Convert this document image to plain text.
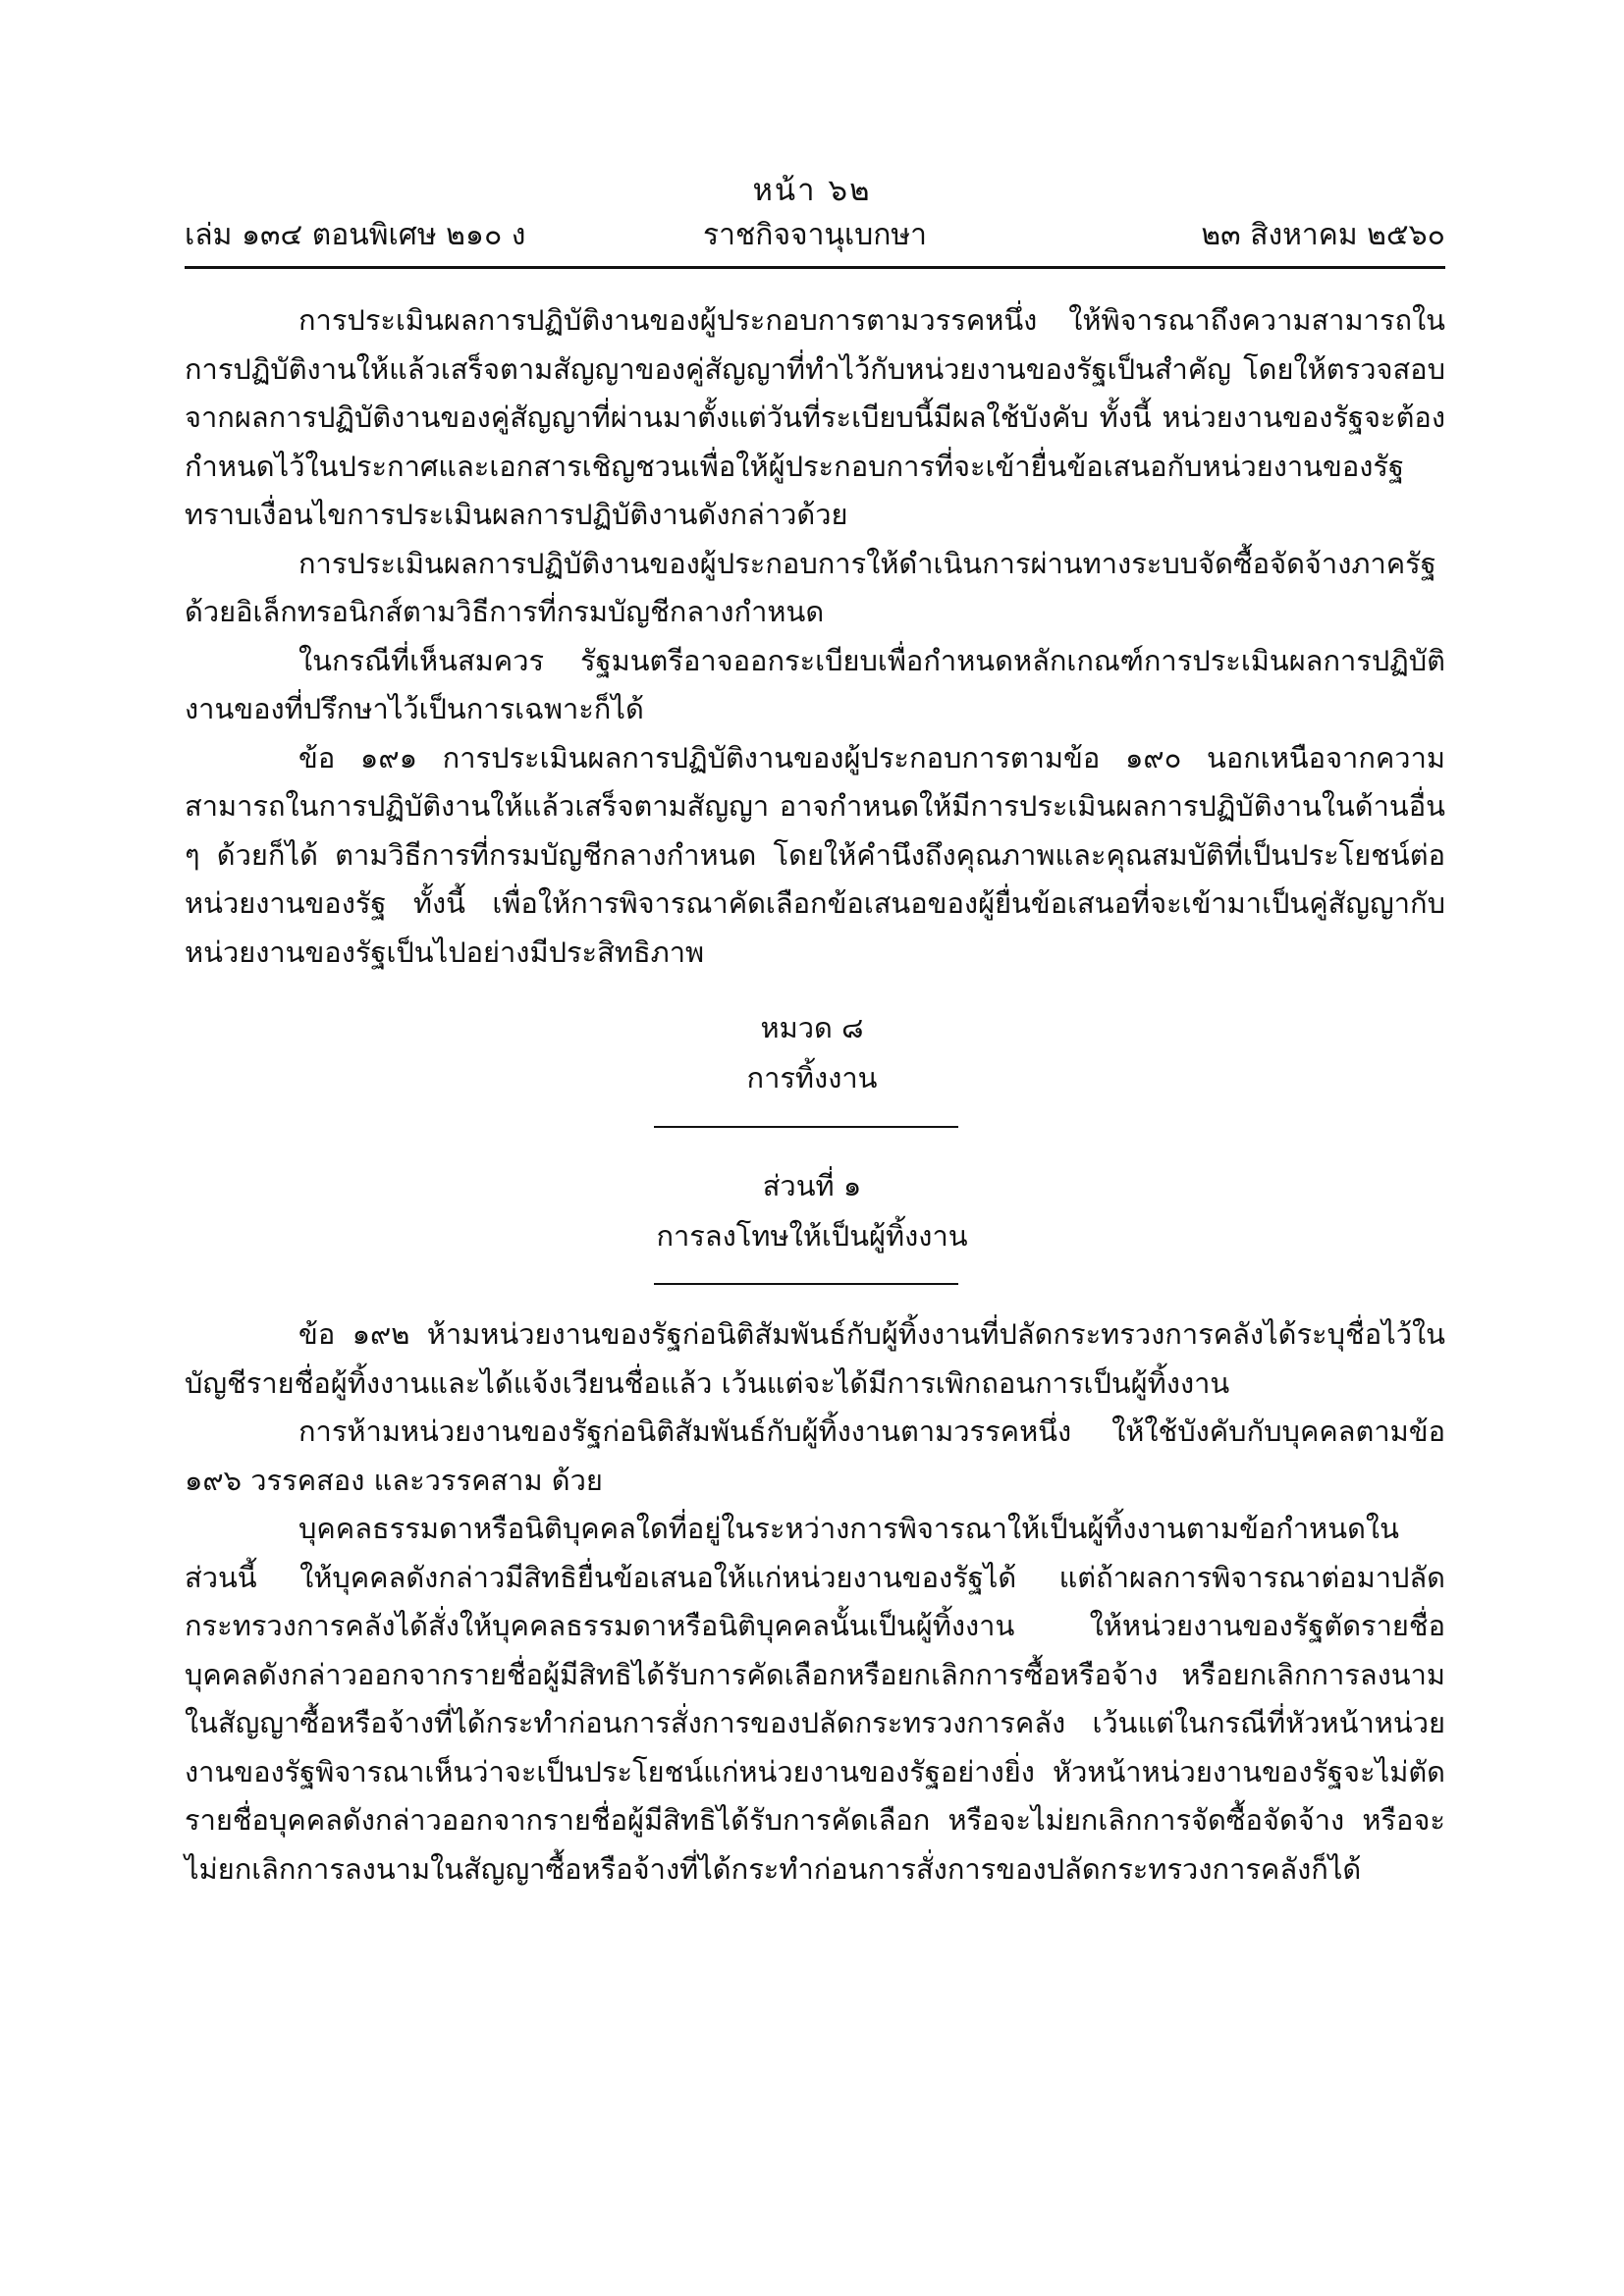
หน้า ๖๒
ราชกิจจานุเบกษา
เล่ม ๑๓๔ ตอนพิเศษ ๒๑๐ ง	๒๓ สิงหาคม ๒๕๖๐

การประเมินผลการปฏิบัติงานของผู้ประกอบการตามวรรคหนึ่ง ให้พิจารณาถึงความสามารถในการปฏิบัติงานให้แล้วเสร็จตามสัญญาของคู่สัญญาที่ทำไว้กับหน่วยงานของรัฐเป็นสำคัญ โดยให้ตรวจสอบจากผลการปฏิบัติงานของคู่สัญญาที่ผ่านมาตั้งแต่วันที่ระเบียบนี้มีผลใช้บังคับ ทั้งนี้ หน่วยงานของรัฐจะต้องกำหนดไว้ในประกาศและเอกสารเชิญชวนเพื่อให้ผู้ประกอบการที่จะเข้ายื่นข้อเสนอกับหน่วยงานของรัฐทราบเงื่อนไขการประเมินผลการปฏิบัติงานดังกล่าวด้วย

การประเมินผลการปฏิบัติงานของผู้ประกอบการให้ดำเนินการผ่านทางระบบจัดซื้อจัดจ้างภาครัฐด้วยอิเล็กทรอนิกส์ตามวิธีการที่กรมบัญชีกลางกำหนด

ในกรณีที่เห็นสมควร รัฐมนตรีอาจออกระเบียบเพื่อกำหนดหลักเกณฑ์การประเมินผลการปฏิบัติงานของที่ปรึกษาไว้เป็นการเฉพาะก็ได้

ข้อ ๑๙๑ การประเมินผลการปฏิบัติงานของผู้ประกอบการตามข้อ ๑๙๐ นอกเหนือจากความสามารถในการปฏิบัติงานให้แล้วเสร็จตามสัญญา อาจกำหนดให้มีการประเมินผลการปฏิบัติงานในด้านอื่น ๆ ด้วยก็ได้ ตามวิธีการที่กรมบัญชีกลางกำหนด โดยให้คำนึงถึงคุณภาพและคุณสมบัติที่เป็นประโยชน์ต่อหน่วยงานของรัฐ ทั้งนี้ เพื่อให้การพิจารณาคัดเลือกข้อเสนอของผู้ยื่นข้อเสนอที่จะเข้ามาเป็นคู่สัญญากับหน่วยงานของรัฐเป็นไปอย่างมีประสิทธิภาพ

หมวด ๘
การทิ้งงาน
ส่วนที่ ๑
การลงโทษให้เป็นผู้ทิ้งงาน

ข้อ ๑๙๒ ห้ามหน่วยงานของรัฐก่อนิติสัมพันธ์กับผู้ทิ้งงานที่ปลัดกระทรวงการคลังได้ระบุชื่อไว้ในบัญชีรายชื่อผู้ทิ้งงานและได้แจ้งเวียนชื่อแล้ว เว้นแต่จะได้มีการเพิกถอนการเป็นผู้ทิ้งงาน

การห้ามหน่วยงานของรัฐก่อนิติสัมพันธ์กับผู้ทิ้งงานตามวรรคหนึ่ง ให้ใช้บังคับกับบุคคลตามข้อ ๑๙๖ วรรคสอง และวรรคสาม ด้วย

บุคคลธรรมดาหรือนิติบุคคลใดที่อยู่ในระหว่างการพิจารณาให้เป็นผู้ทิ้งงานตามข้อกำหนดในส่วนนี้ ให้บุคคลดังกล่าวมีสิทธิยื่นข้อเสนอให้แก่หน่วยงานของรัฐได้ แต่ถ้าผลการพิจารณาต่อมาปลัดกระทรวงการคลังได้สั่งให้บุคคลธรรมดาหรือนิติบุคคลนั้นเป็นผู้ทิ้งงาน ให้หน่วยงานของรัฐตัดรายชื่อบุคคลดังกล่าวออกจากรายชื่อผู้มีสิทธิได้รับการคัดเลือกหรือยกเลิกการซื้อหรือจ้าง หรือยกเลิกการลงนามในสัญญาซื้อหรือจ้างที่ได้กระทำก่อนการสั่งการของปลัดกระทรวงการคลัง เว้นแต่ในกรณีที่หัวหน้าหน่วยงานของรัฐพิจารณาเห็นว่าจะเป็นประโยชน์แก่หน่วยงานของรัฐอย่างยิ่ง หัวหน้าหน่วยงานของรัฐจะไม่ตัดรายชื่อบุคคลดังกล่าวออกจากรายชื่อผู้มีสิทธิได้รับการคัดเลือก หรือจะไม่ยกเลิกการจัดซื้อจัดจ้าง หรือจะไม่ยกเลิกการลงนามในสัญญาซื้อหรือจ้างที่ได้กระทำก่อนการสั่งการของปลัดกระทรวงการคลังก็ได้
